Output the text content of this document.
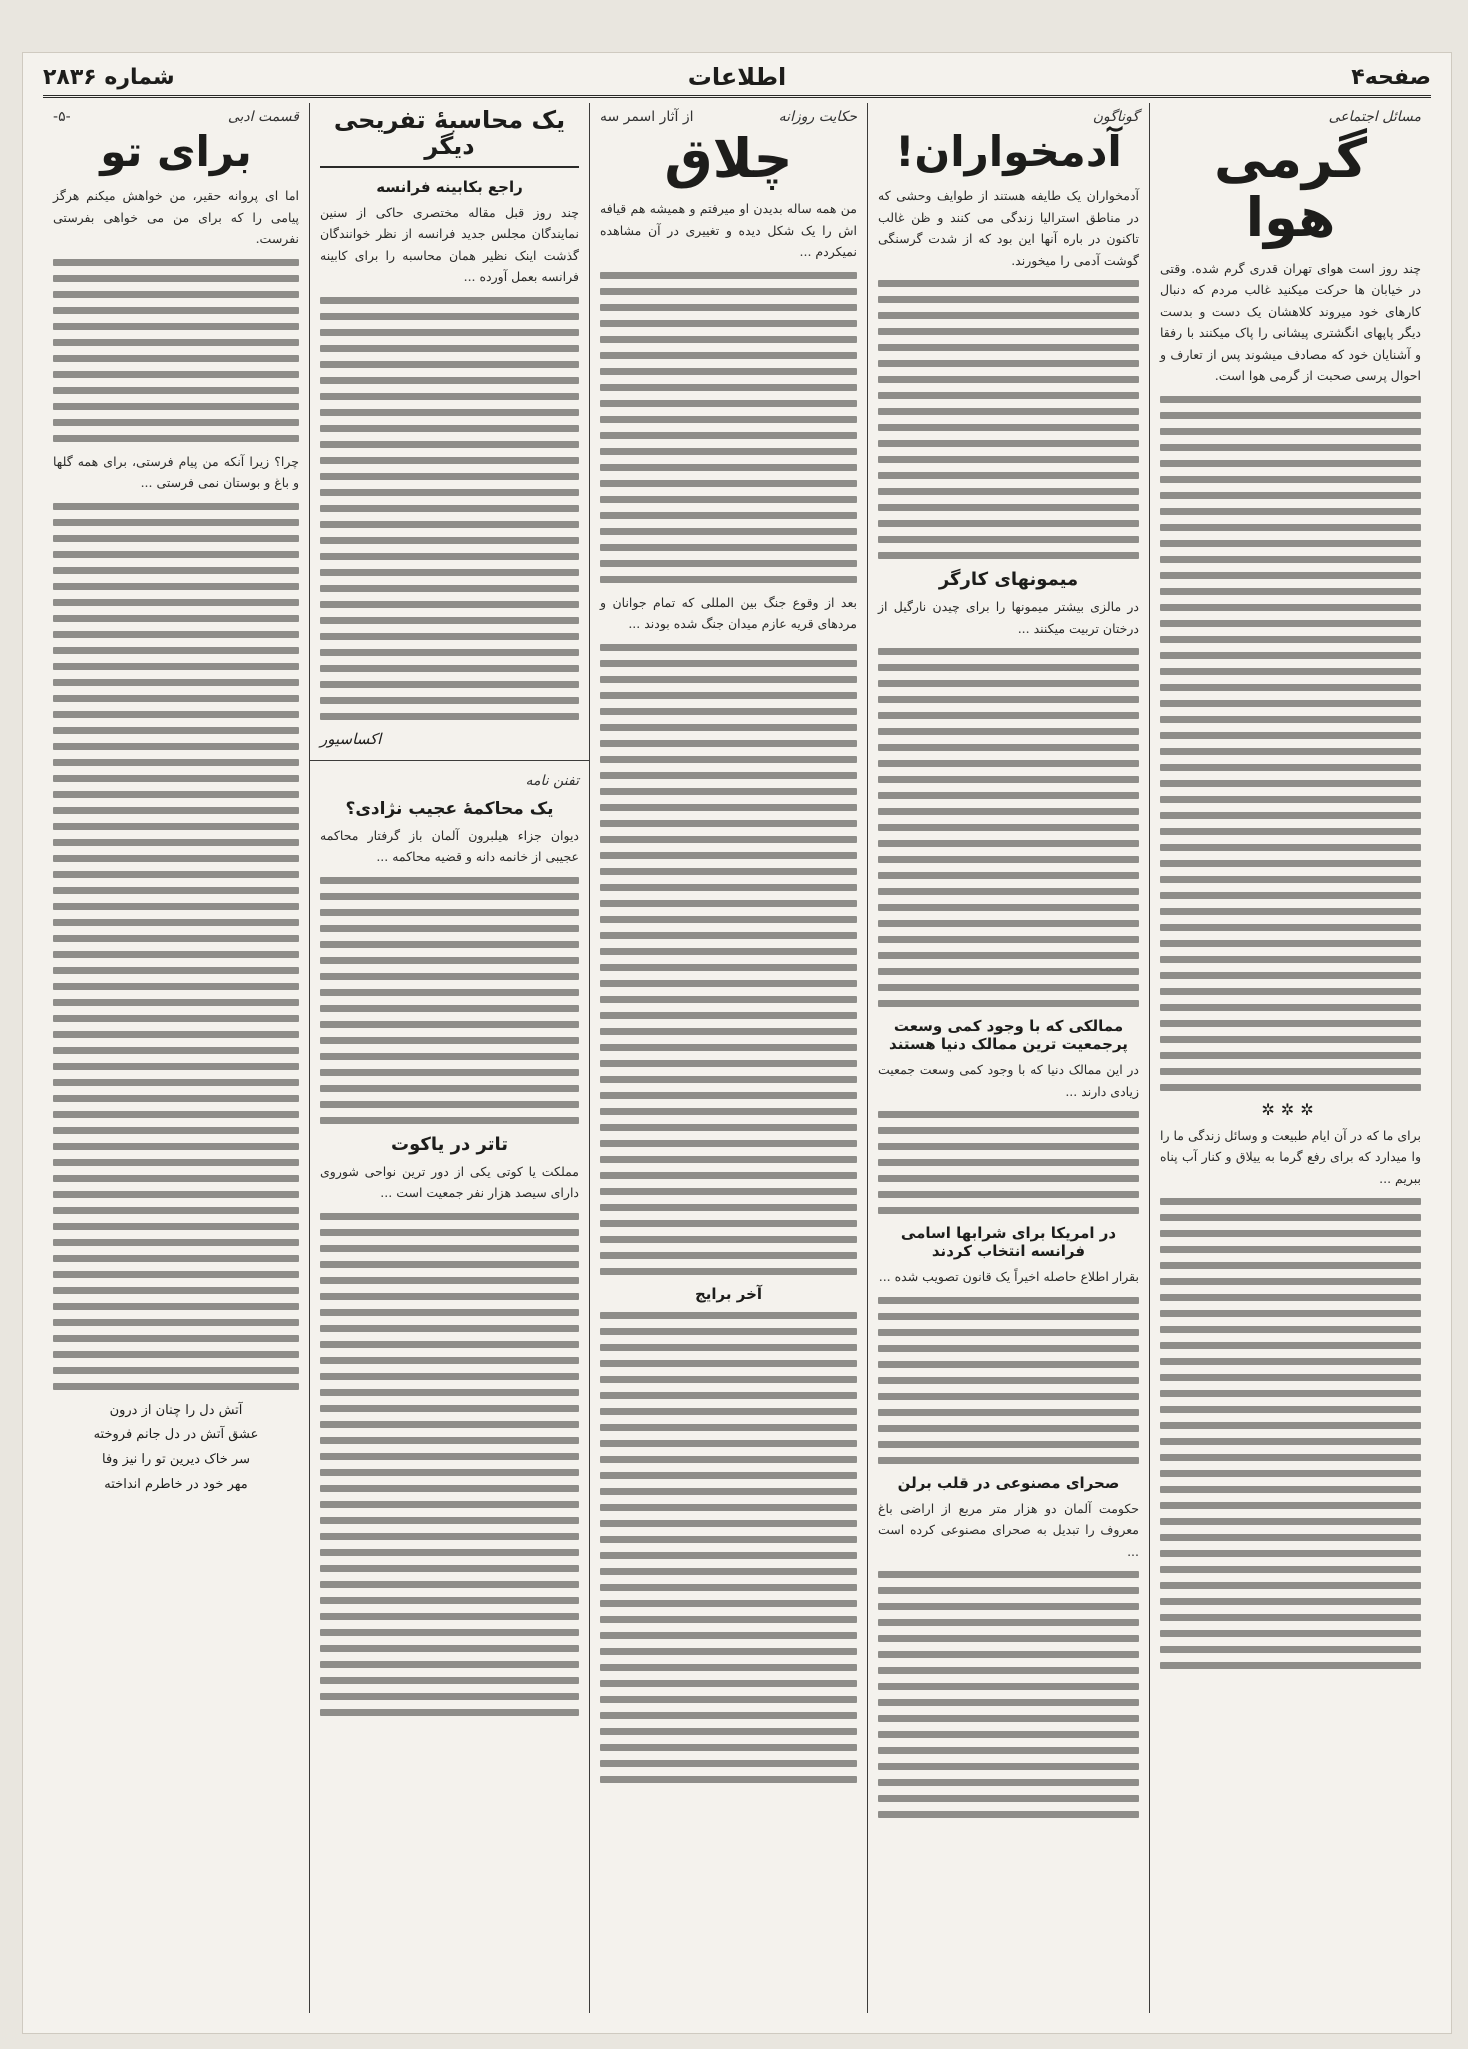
صفحه۴
اطلاعات
شماره ۲۸۳۶
مسائل اجتماعی
گرمی هوا
چند روز است هوای تهران قدری گرم شده. وقتی در خیابان ها حرکت میکنید غالب مردم که دنبال کارهای خود میروند کلاهشان یک دست و بدست دیگر پاپهای انگشتری پیشانی را پاک میکنند با رفقا و آشنایان خود که مصادف میشوند پس از تعارف و احوال پرسی صحبت از گرمی هوا است.
✲✲✲
برای ما که در آن ایام طبیعت و وسائل زندگی ما را وا میدارد که برای رفع گرما به ییلاق و کنار آب پناه ببریم ...
گوناگون
آدمخواران!
آدمخواران یک طایفه هستند از طوایف وحشی که در مناطق استرالیا زندگی می کنند و ظن غالب تاکنون در باره آنها این بود که از شدت گرسنگی گوشت آدمی را میخورند.
میمونهای کارگر
در مالزی بیشتر میمونها را برای چیدن نارگیل از درختان تربیت میکنند ...
ممالکی که با وجود کمی وسعت پرجمعیت ترین ممالک دنیا هستند
در این ممالک دنیا که با وجود کمی وسعت جمعیت زیادی دارند ...
در امریکا برای شرابها اسامی فرانسه انتخاب کردند
بقرار اطلاع حاصله اخیراً یک قانون تصویب شده ...
صحرای مصنوعی در قلب برلن
حکومت آلمان دو هزار متر مربع از اراضی باغ معروف را تبدیل به صحرای مصنوعی کرده است ...
حکایت روزانه
از آثار اسمر سه
چلاق
من همه ساله بدیدن او میرفتم و همیشه هم قیافه اش را یک شکل دیده و تغییری در آن مشاهده نمیکردم ...
بعد از وقوع جنگ بین المللی که تمام جوانان و مردهای قریه عازم میدان جنگ شده بودند ...
آخر برایج
یک محاسبهٔ تفریحی دیگر
راجع بکابینه فرانسه
چند روز قبل مقاله مختصری حاکی از سنین نمایندگان مجلس جدید فرانسه از نظر خوانندگان گذشت اینک نظیر همان محاسبه را برای کابینه فرانسه بعمل آورده ...
اکساسیور
تفنن نامه
یک محاکمهٔ عجیب نژادی؟
دیوان جزاء هیلبرون آلمان باز گرفتار محاکمه عجیبی از خانمه دانه و قضیه محاکمه ...
تاتر در یاکوت
مملکت یا کوتی یکی از دور ترین نواحی شوروی دارای سیصد هزار نفر جمعیت است ...
قسمت ادبی
-۵-
برای تو
اما ای پروانه حقیر، من خواهش میکنم هرگز پیامی را که برای من می خواهی بفرستی نفرست.
چرا؟ زیرا آنکه من پیام فرستی، برای همه گلها و باغ و بوستان نمی فرستی ...
آتش دل را چنان از درون
عشق آتش در دل جانم فروخته
سر خاک دیرین تو را نیز وفا
مهر خود در خاطرم انداخته
